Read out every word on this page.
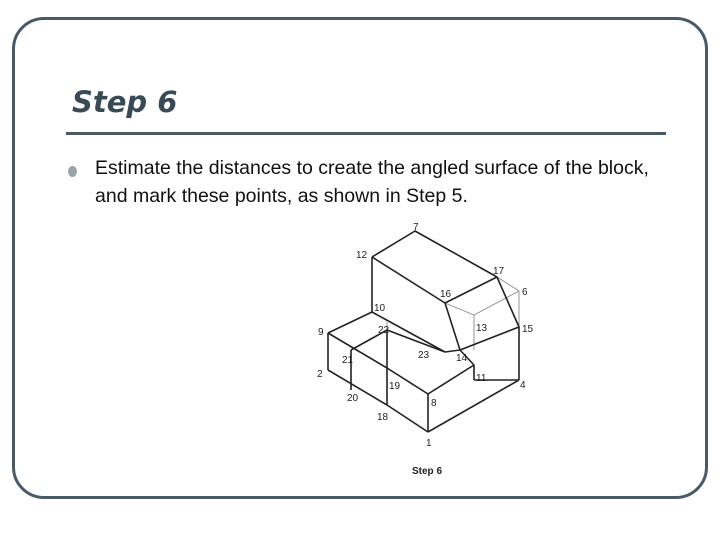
Step 6
Estimate the distances to create the angled surface of the block, and mark these points, as shown in Step 5.
7
12
17
16	6
10
13	15
9	22
23	14
21
2	11
19	4
20	8
18
1
Step 6
